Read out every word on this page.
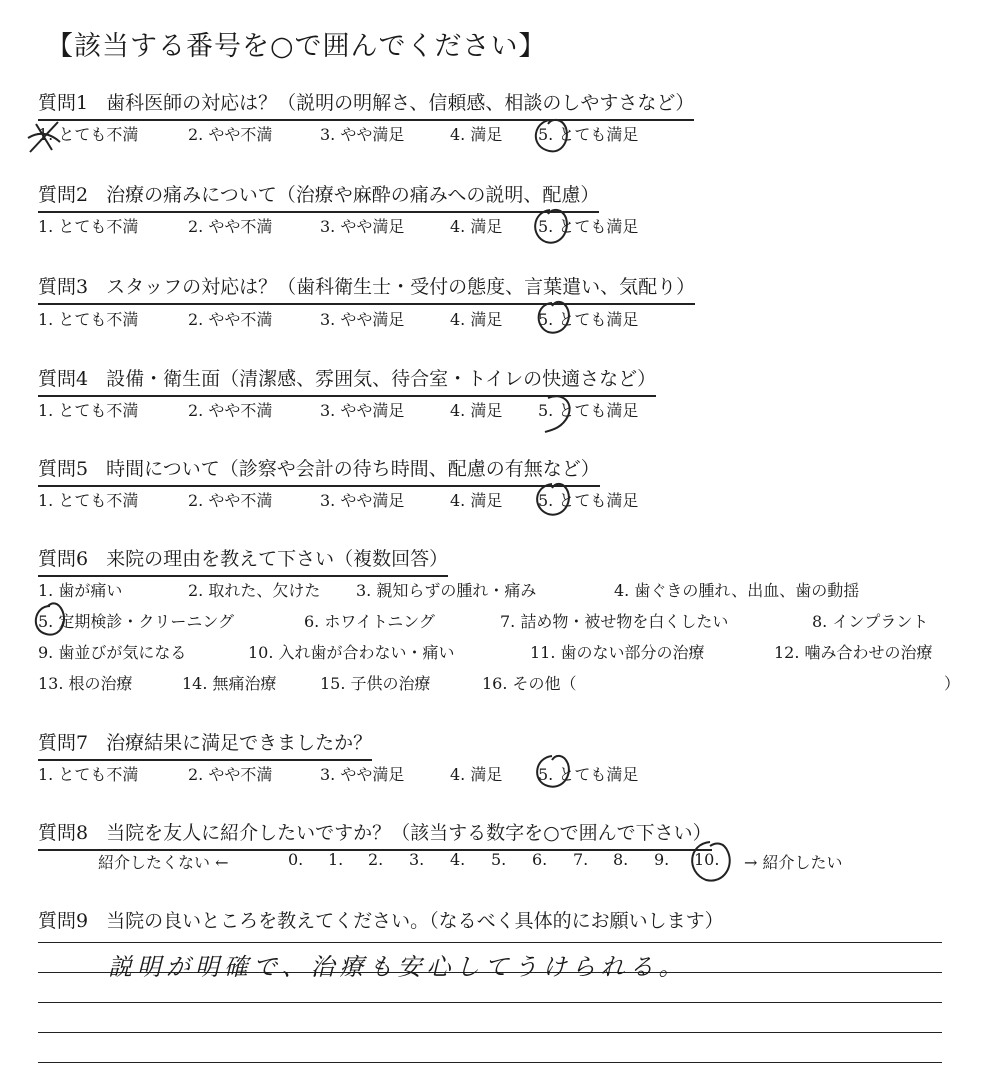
【該当する番号を○で囲んでください】
質問1 歯科医師の対応は？（説明の明解さ、信頼感、相談のしやすさなど）
1. とても不満	2. やや不満	3. やや満足	4. 満足 5. とても満足
質問2 治療の痛みについて（治療や麻酔の痛みへの説明、配慮）
1. とても不満	2. やや不満	3. やや満足	4. 満足 5. とても満足
質問3 スタッフの対応は？（歯科衛生士・受付の態度、言葉遣い、気配り）
1. とても不満	2. やや不満	3. やや満足	4. 満足 5. とても満足
質問4 設備・衛生面（清潔感、雰囲気、待合室・トイレの快適さなど）
1. とても不満	2. やや不満	3. やや満足	4. 満足 5. とても満足
質問5 時間について（診察や会計の待ち時間、配慮の有無など）
1. とても不満	2. やや不満	3. やや満足	4. 満足 5. とても満足
質問6 来院の理由を教えて下さい（複数回答）
1. 歯が痛い	2. 取れた、欠けた 3. 親知らずの腫れ・痛み	4. 歯ぐきの腫れ、出血、歯の動揺
5. 定期検診・クリーニング	6. ホワイトニング	7. 詰め物・被せ物を白くしたい	8. インプラント
9. 歯並びが気になる	10. 入れ歯が合わない・痛い	11. 歯のない部分の治療	12. 噛み合わせの治療
13. 根の治療	14. 無痛治療	15. 子供の治療	16. その他（	）
質問7 治療結果に満足できましたか？
1. とても不満	2. やや不満	3. やや満足	4. 満足 5. とても満足
質問8 当院を友人に紹介したいですか？（該当する数字を○で囲んで下さい）
紹介したくない ←	0. 1. 2. 3. 4. 5. 6. 7. 8. 9. 10. → 紹介したい
質問9 当院の良いところを教えてください。（なるべく具体的にお願いします）
説明が明確で、治療も安心してうけられる。
